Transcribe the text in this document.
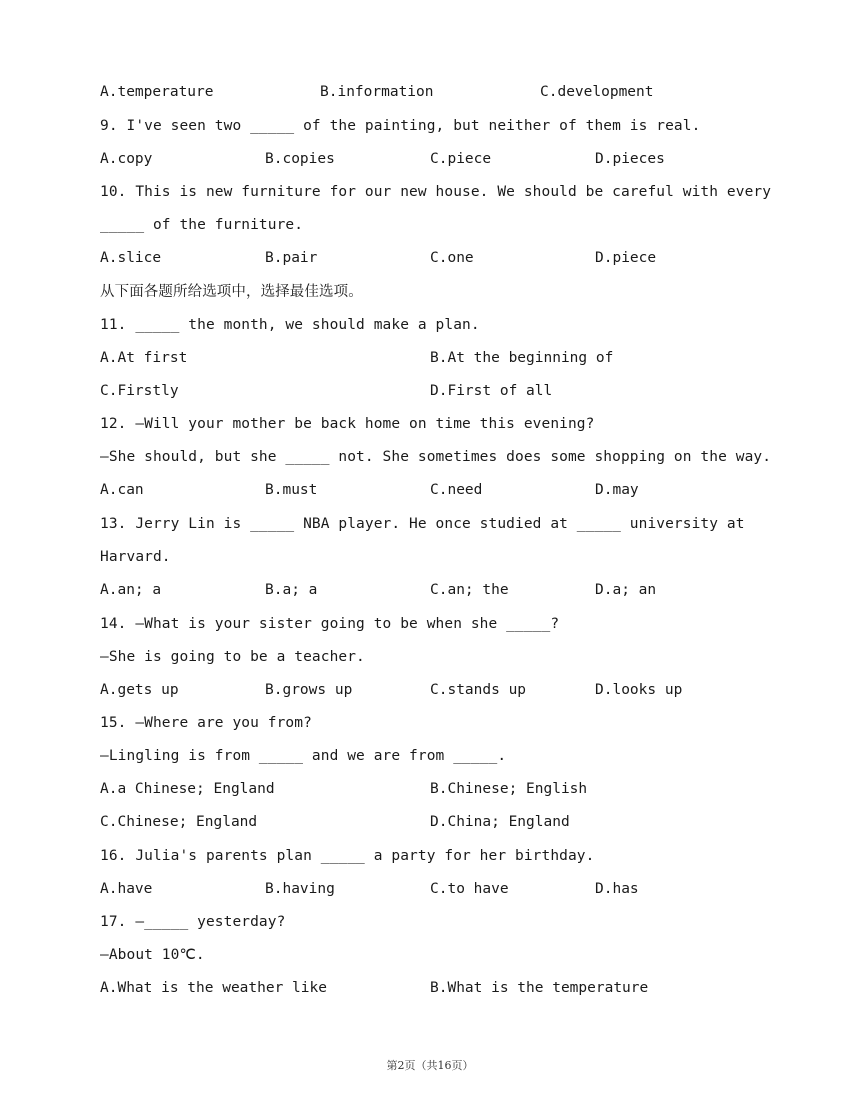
A.temperature	B.information	C.development
9. I've seen two _____ of the painting, but neither of them is real.
A.copy	B.copies	C.piece	D.pieces
10. This is new furniture for our new house. We should be careful with every
_____ of the furniture.
A.slice	B.pair	C.one	D.piece
从下面各题所给选项中，选择最佳选项。
11. _____ the month, we should make a plan.
A.At first	B.At the beginning of
C.Firstly	D.First of all
12. —Will your mother be back home on time this evening?
—She should, but she _____ not. She sometimes does some shopping on the way.
A.can	B.must	C.need	D.may
13. Jerry Lin is _____ NBA player. He once studied at _____ university at
Harvard.
A.an; a	B.a; a	C.an; the	D.a; an
14. —What is your sister going to be when she _____?
—She is going to be a teacher.
A.gets up	B.grows up	C.stands up	D.looks up
15. —Where are you from?
—Lingling is from _____ and we are from _____.
A.a Chinese; England	B.Chinese; English
C.Chinese; England	D.China; England
16. Julia's parents plan _____ a party for her birthday.
A.have	B.having	C.to have	D.has
17. —_____ yesterday?
—About 10℃.
A.What is the weather like	B.What is the temperature
第2页（共16页）
